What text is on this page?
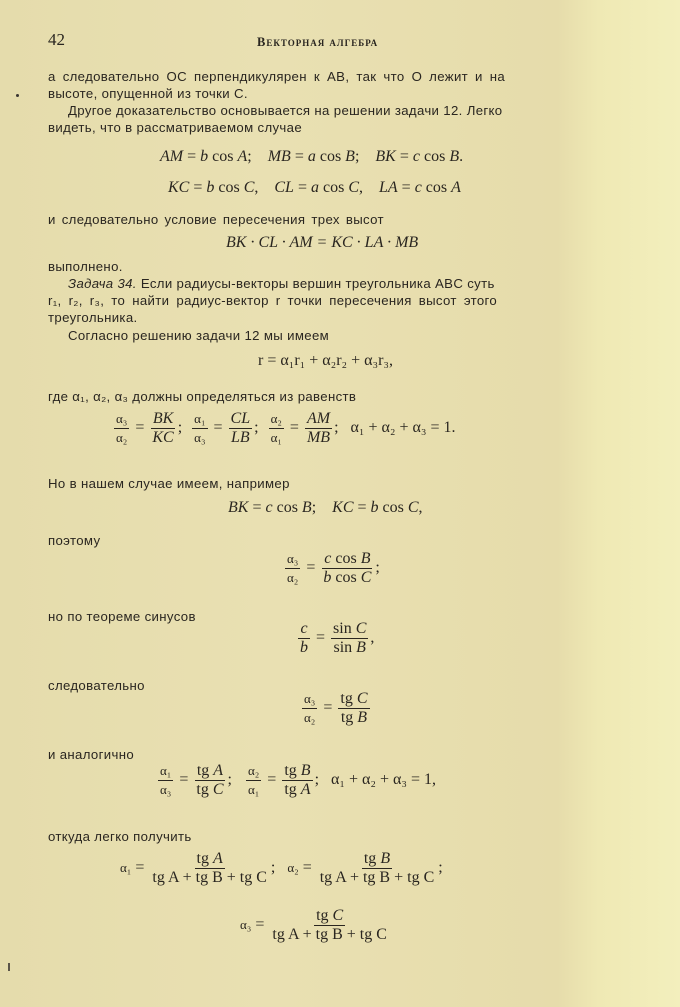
42	Векторная алгебра
а следовательно ОС перпендикулярен к АВ, так что О лежит и на
высоте, опущенной из точки С.
Другое доказательство основывается на решении задачи 12. Легко
видеть, что в рассматриваемом случае
AM = b cos A;    MB = a cos B;    BK = c cos B.
KC = b cos C,    CL = a cos C,    LA = c cos A
и следовательно условие пересечения трех высот
BK · CL · AM = KC · LA · MB
выполнено.
Задача 34. Если радиусы-векторы вершин треугольника ABC суть
r₁, r₂, r₃, то найти радиус-вектор r точки пересечения высот этого
треугольника.
Согласно решению задачи 12 мы имеем
r = α₁r₁ + α₂r₂ + α₃r₃,
где α₁, α₂, α₃ должны определяться из равенств
$\frac{\text{α₃}}{\text{α₂}} = \frac{BK}{KC}$ ; $\frac{\text{α₁}}{\text{α₃}} = \frac{CL}{LB}$ ; $\frac{\text{α₂}}{\text{α₁}} = \frac{AM}{MB}$ ;   α₁ + α₂ + α₃ = 1.
Но в нашем случае имеем, например
BK = c cos B;    KC = b cos C,
поэтому
$\frac{\text{α₃}}{\text{α₂}} = \frac{\text{c cos B}}{\text{b cos C}}$ ;
но по теореме синусов
$\frac{c}{b} = \frac{\text{sin C}}{\text{sin B}}$ ,
следовательно
$\frac{\text{α₃}}{\text{α₂}} = \frac{\text{tg C}}{\text{tg B}}$
и аналогично
$\frac{\text{α₁}}{\text{α₃}} = \frac{\text{tg A}}{\text{tg C}}$ ; $\frac{\text{α₂}}{\text{α₁}} = \frac{\text{tg B}}{\text{tg A}}$ ;   α₁ + α₂ + α₃ = 1,
откуда легко получить
$\alpha_1 = \frac{\text{tg A}}{\text{tg A + tg B + tg C}}$ ;   $\alpha_2 = \frac{\text{tg B}}{\text{tg A + tg B + tg C}}$ ;
$\alpha_3 = \frac{\text{tg C}}{\text{tg A + tg B + tg C}}$
